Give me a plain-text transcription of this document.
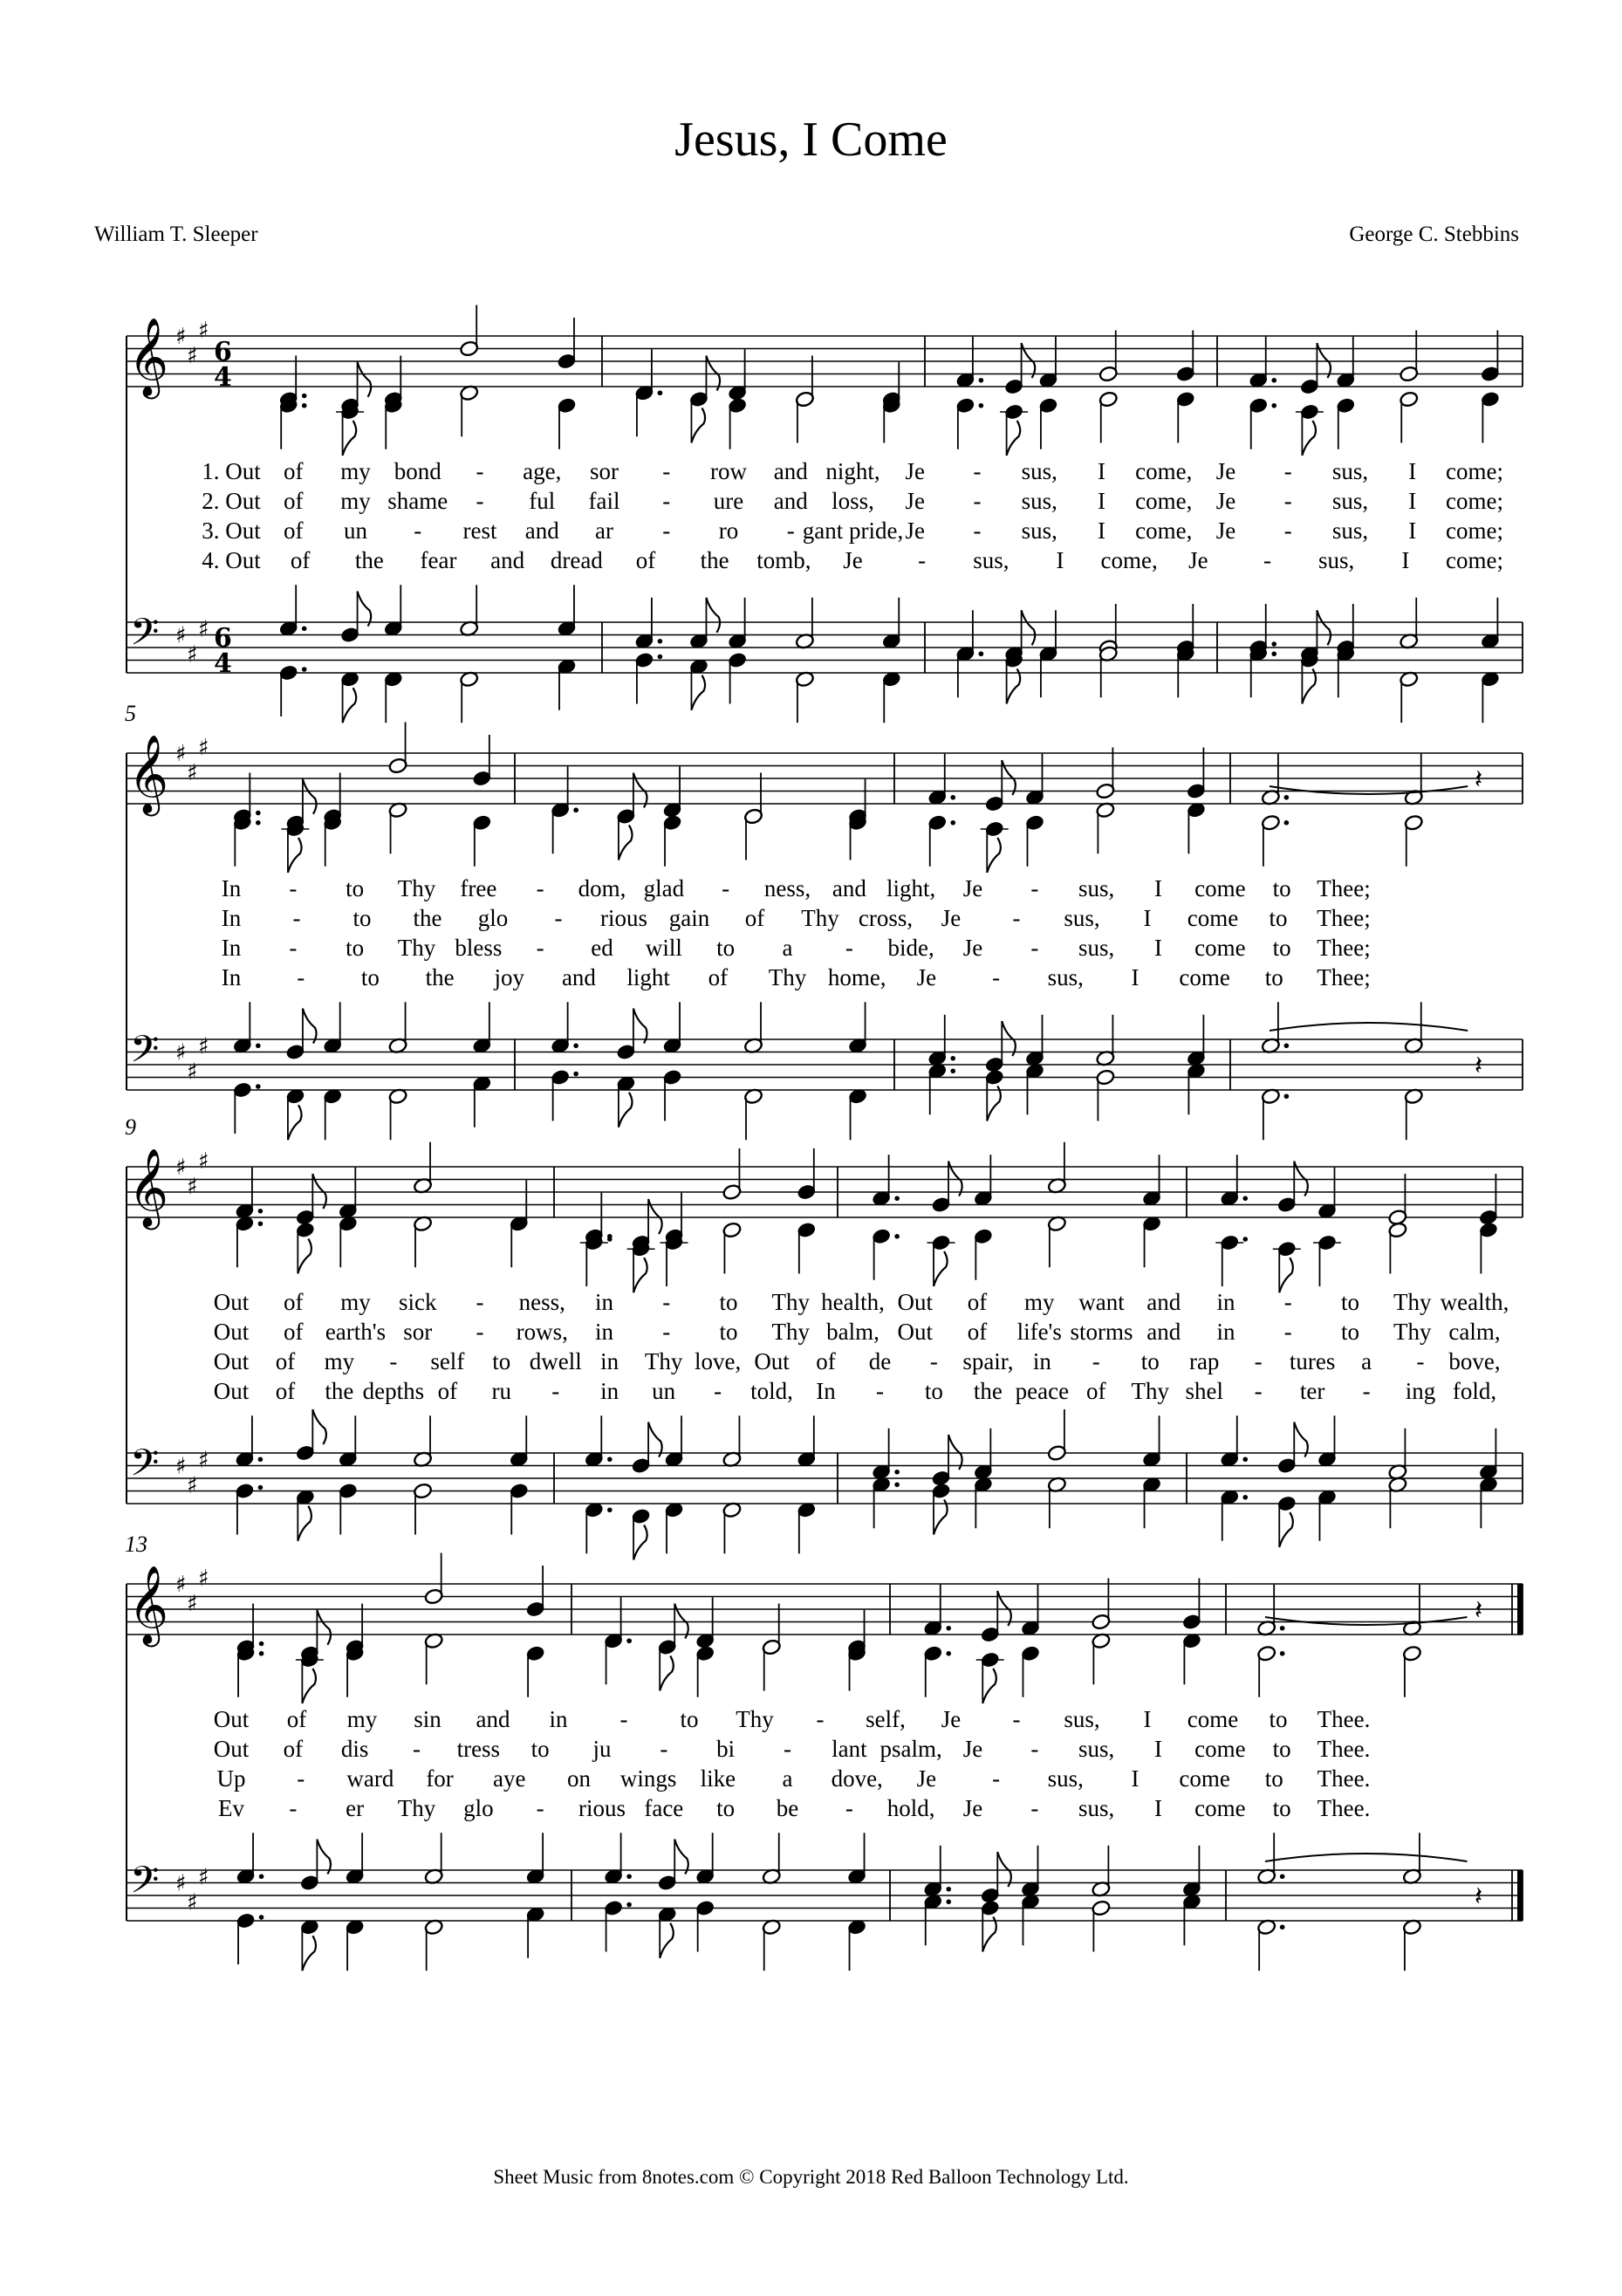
Jesus, I Come
William T. Sleeper	George C. Stebbins
𝄞
𝄢
♯
♯
♯
♯
♯
♯
6
4
6
4
𝄞
𝄢
♯
♯
♯
♯
♯
♯
𝄽
𝄽
𝄞
𝄢
♯
♯
♯
♯
♯
♯
𝄞
𝄢
♯
♯
♯
♯
♯
♯
𝄽
𝄽
1. Out of my bond - age, sor - row and night, Je - sus, I come, Je - sus, I come;
2. Out of my shame - ful fail - ure and loss, Je - sus, I come, Je - sus, I come;
3. Out of un - rest and ar - ro - gant pride, Je - sus, I come, Je - sus, I come;
4. Out of the fear and dread of the tomb, Je - sus, I come, Je - sus, I come;
5
In - to Thy free - dom, glad - ness, and light, Je - sus, I come to Thee;
In - to the glo - rious gain of Thy cross, Je - sus, I come to Thee;
In - to Thy bless - ed will to a - bide, Je - sus, I come to Thee;
In - to the joy and light of Thy home, Je - sus, I come to Thee;
9
Out of my sick - ness, in - to Thy health, Out of my want and in - to Thy wealth,
Out of earth's sor - rows, in - to Thy balm, Out of life's storms and in - to Thy calm,
Out of my - self to dwell in Thy love, Out of de - spair, in - to rap - tures a - bove,
Out of the depths of ru - in un - told, In - to the peace of Thy shel - ter - ing fold,
13
Out of my sin and in - to Thy - self, Je - sus, I come to Thee.
Out of dis - tress to ju - bi - lant psalm, Je - sus, I come to Thee.
Up - ward for aye on wings like a dove, Je - sus, I come to Thee.
Ev - er Thy glo - rious face to be - hold, Je - sus, I come to Thee.
Sheet Music from 8notes.com © Copyright 2018 Red Balloon Technology Ltd.
